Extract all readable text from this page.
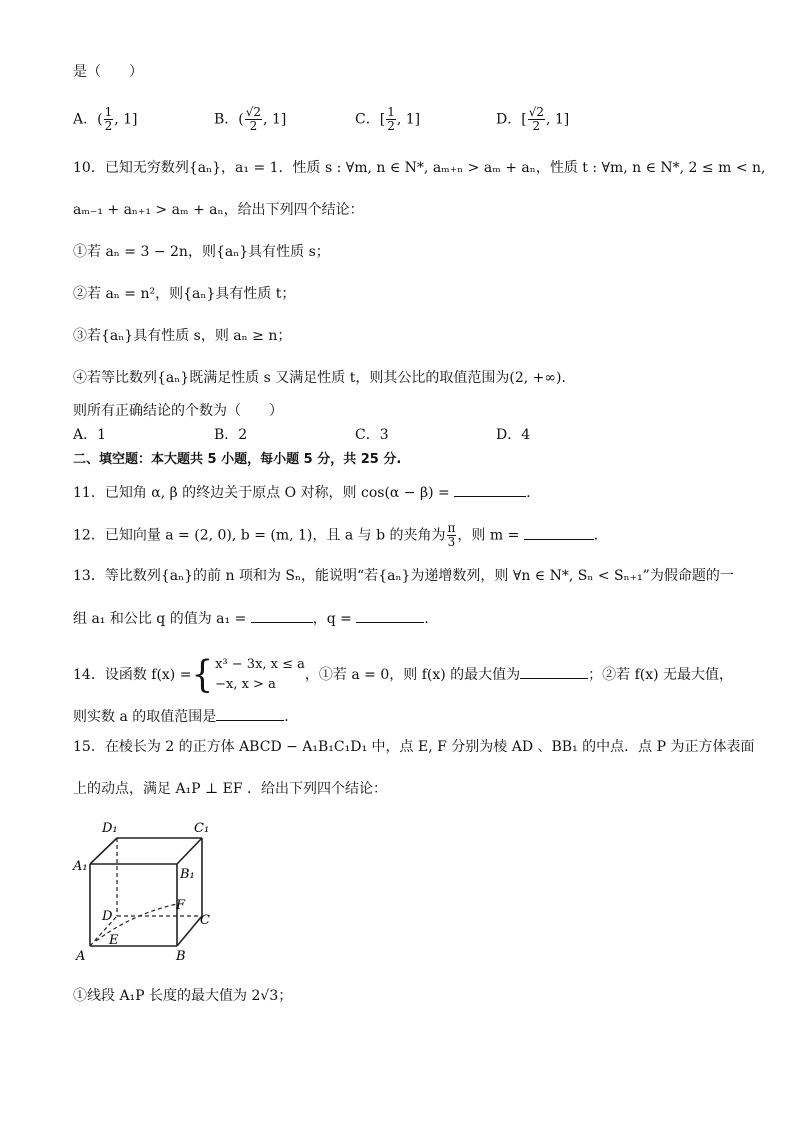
是（　　）
A．( $\frac{1}{2}$ , 1]	B．( $\frac{√2}{2}$ , 1]	C．[ $\frac{1}{2}$ , 1]	D．[ $\frac{√2}{2}$ , 1]
10．已知无穷数列{aₙ}，a₁ = 1．性质 s : ∀m, n ∈ N*, aₘ₊ₙ > aₘ + aₙ，性质 t : ∀m, n ∈ N*, 2 ≤ m < n,
aₘ₋₁ + aₙ₊₁ > aₘ + aₙ，给出下列四个结论：
①若 aₙ = 3 − 2n，则{aₙ}具有性质 s；
②若 aₙ = n²，则{aₙ}具有性质 t；
③若{aₙ}具有性质 s，则 aₙ ≥ n；
④若等比数列{aₙ}既满足性质 s 又满足性质 t，则其公比的取值范围为(2, +∞)．
则所有正确结论的个数为（　　）
A．1	B．2	C．3	D．4
二、填空题：本大题共 5 小题，每小题 5 分，共 25 分.
11．已知角 α, β 的终边关于原点 O 对称，则 cos(α − β) =	．
12．已知向量 a = (2, 0), b = (m, 1)，且 a 与 b 的夹角为 $\frac{\pi}{3}$ ，则 m =	．
13．等比数列{aₙ}的前 n 项和为 Sₙ，能说明“若{aₙ}为递增数列，则 ∀n ∈ N*, Sₙ < Sₙ₊₁”为假命题的一
组 a₁ 和公比 q 的值为 a₁ =	，q =	．
14．设函数 f(x) ={ x³ − 3x, x ≤ a
−x, x > a
，①若 a = 0，则 f(x) 的最大值为	；②若 f(x) 无最大值，
则实数 a 的取值范围是	．
15．在棱长为 2 的正方体 ABCD − A₁B₁C₁D₁ 中，点 E, F 分别为棱 AD 、BB₁ 的中点．点 P 为正方体表面
上的动点，满足 A₁P ⊥ EF ．给出下列四个结论：
D₁	C₁
A₁
B₁
D
F
C
E
A	B
①线段 A₁P 长度的最大值为 2√3；
